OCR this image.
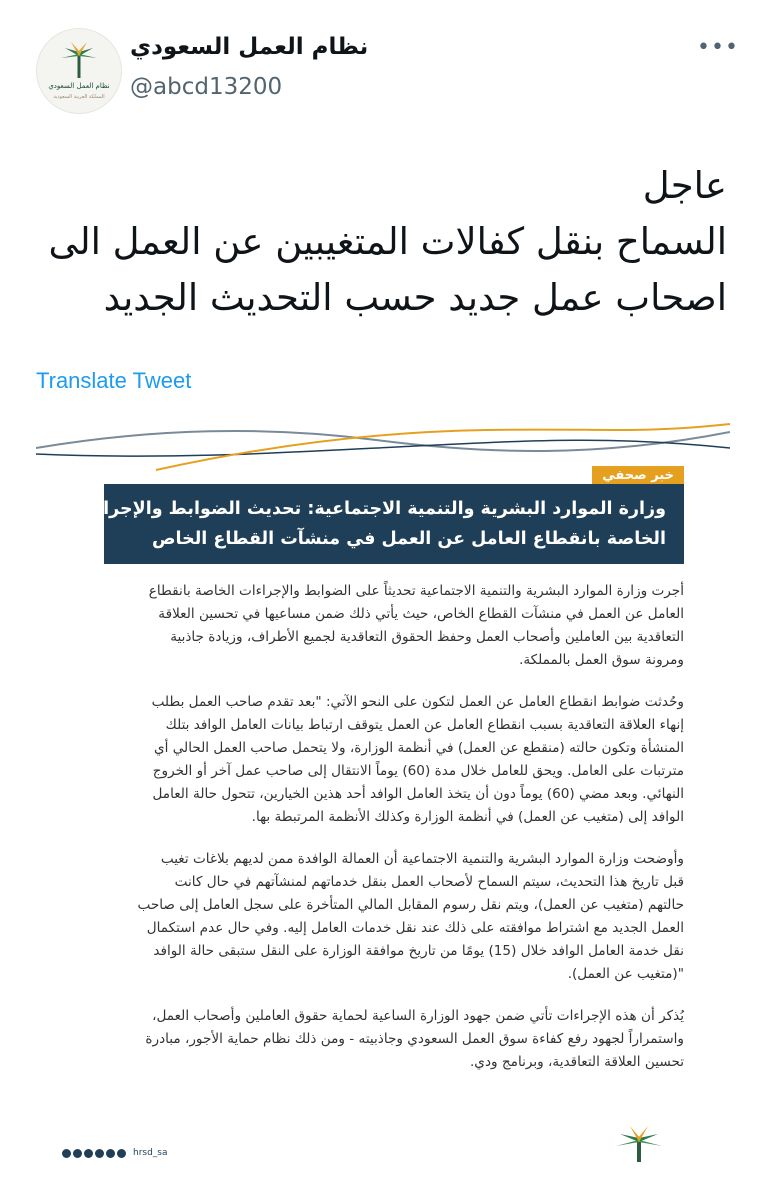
نظام العمل السعودي
المملكة العربية السعودية
نظام العمل السعودي
@abcd13200
•••
عاجل
السماح بنقل كفالات المتغيبين عن العمل الى
اصحاب عمل جديد حسب التحديث الجديد
Translate Tweet
خبر صحفي
وزارة الموارد البشرية والتنمية الاجتماعية: تحديث الضوابط والإجراءات
الخاصة بانقطاع العامل عن العمل في منشآت القطاع الخاص

أجرت وزارة الموارد البشرية والتنمية الاجتماعية تحديثاً على الضوابط والإجراءات الخاصة بانقطاع
العامل عن العمل في منشآت القطاع الخاص، حيث يأتي ذلك ضمن مساعيها في تحسين العلاقة
التعاقدية بين العاملين وأصحاب العمل وحفظ الحقوق التعاقدية لجميع الأطراف، وزيادة جاذبية
ومرونة سوق العمل بالمملكة.

وحُدثت ضوابط انقطاع العامل عن العمل لتكون على النحو الآتي: "بعد تقدم صاحب العمل بطلب
إنهاء العلاقة التعاقدية بسبب انقطاع العامل عن العمل يتوقف ارتباط بيانات العامل الوافد بتلك
المنشأة وتكون حالته (منقطع عن العمل) في أنظمة الوزارة، ولا يتحمل صاحب العمل الحالي أي
مترتبات على العامل. ويحق للعامل خلال مدة (60) يوماً الانتقال إلى صاحب عمل آخر أو الخروج
النهائي. وبعد مضي (60) يوماً دون أن يتخذ العامل الوافد أحد هذين الخيارين، تتحول حالة العامل
الوافد إلى (متغيب عن العمل) في أنظمة الوزارة وكذلك الأنظمة المرتبطة بها.

وأوضحت وزارة الموارد البشرية والتنمية الاجتماعية أن العمالة الوافدة ممن لديهم بلاغات تغيب
قبل تاريخ هذا التحديث، سيتم السماح لأصحاب العمل بنقل خدماتهم لمنشآتهم في حال كانت
حالتهم (متغيب عن العمل)، ويتم نقل رسوم المقابل المالي المتأخرة على سجل العامل إلى صاحب
العمل الجديد مع اشتراط موافقته على ذلك عند نقل خدمات العامل إليه. وفي حال عدم استكمال
نقل خدمة العامل الوافد خلال (15) يومًا من تاريخ موافقة الوزارة على النقل ستبقى حالة الوافد
"(متغيب عن العمل).

يُذكر أن هذه الإجراءات تأتي ضمن جهود الوزارة الساعية لحماية حقوق العاملين وأصحاب العمل،
واستمراراً لجهود رفع كفاءة سوق العمل السعودي وجاذبيته - ومن ذلك نظام حماية الأجور، مبادرة
تحسين العلاقة التعاقدية، وبرنامج ودي.

hrsd_sa
